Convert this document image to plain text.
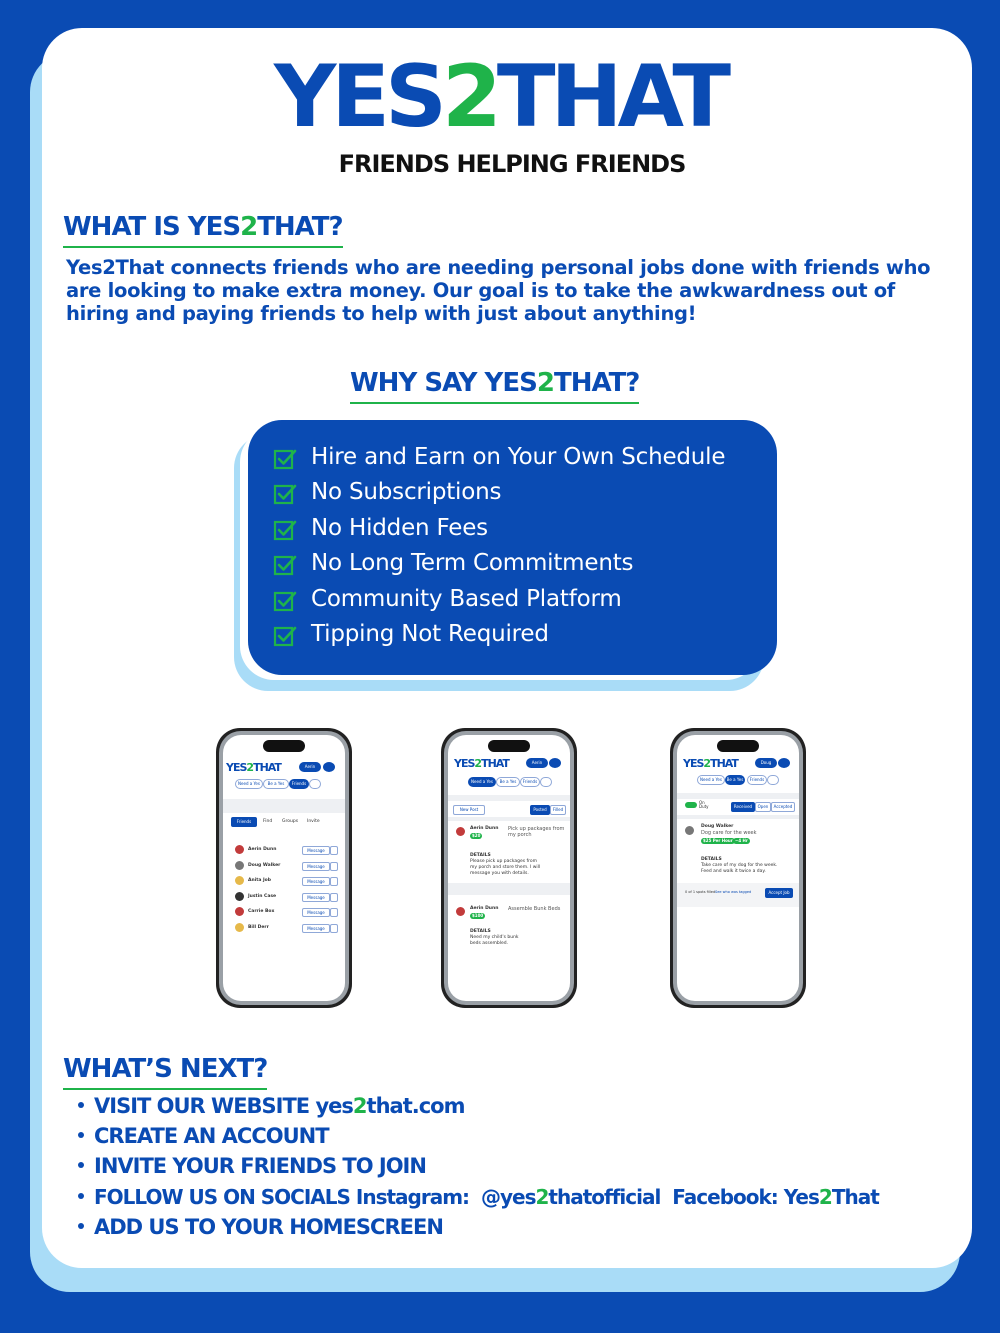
YES2THAT
FRIENDS HELPING FRIENDS
WHAT IS YES2THAT?
Yes2That connects friends who are needing personal jobs done with friends who are looking to make extra money. Our goal is to take the awkwardness out of hiring and paying friends to help with just about anything!
WHY SAY YES2THAT?
Hire and Earn on Your Own Schedule
No Subscriptions
No Hidden Fees
No Long Term Commitments
Community Based Platform
Tipping Not Required
YES2THAT	Aerin
Need a Yes	Be a Yes	Friends
Friends	Find Groups Invite
Aerin Dunn	Message
Doug Walker	Message
Anita Job	Message
Justin Case	Message
Carrie Box	Message
Bill Derr	Message
YES2THAT	Aerin
Need a Yes	Be a Yes	Friends
New Post	Posted	Filled
Aerin Dunn
$20
Pick up packages from my porch
DETAILS
Please pick up packages from my porch and store them. I will message you with details.
Aerin Dunn
$100
Assemble Bunk Beds
DETAILS
Need my child's bunk beds assembled.
YES2THAT	Doug
Need a Yes	Be a Yes	Friends
On Duty	Received	Open	Accepted
Doug Walker
Dog care for the week
$25 Per Hour ~4 Hr
DETAILS
Take care of my dog for the week. Feed and walk it twice a day.
0 of 1 spots filled.
See who was tagged	Accept Job
WHAT’S NEXT?
VISIT OUR WEBSITE yes2that.com
CREATE AN ACCOUNT
INVITE YOUR FRIENDS TO JOIN
FOLLOW US ON SOCIALS Instagram: @yes2thatofficial Facebook: Yes2That
ADD US TO YOUR HOMESCREEN
